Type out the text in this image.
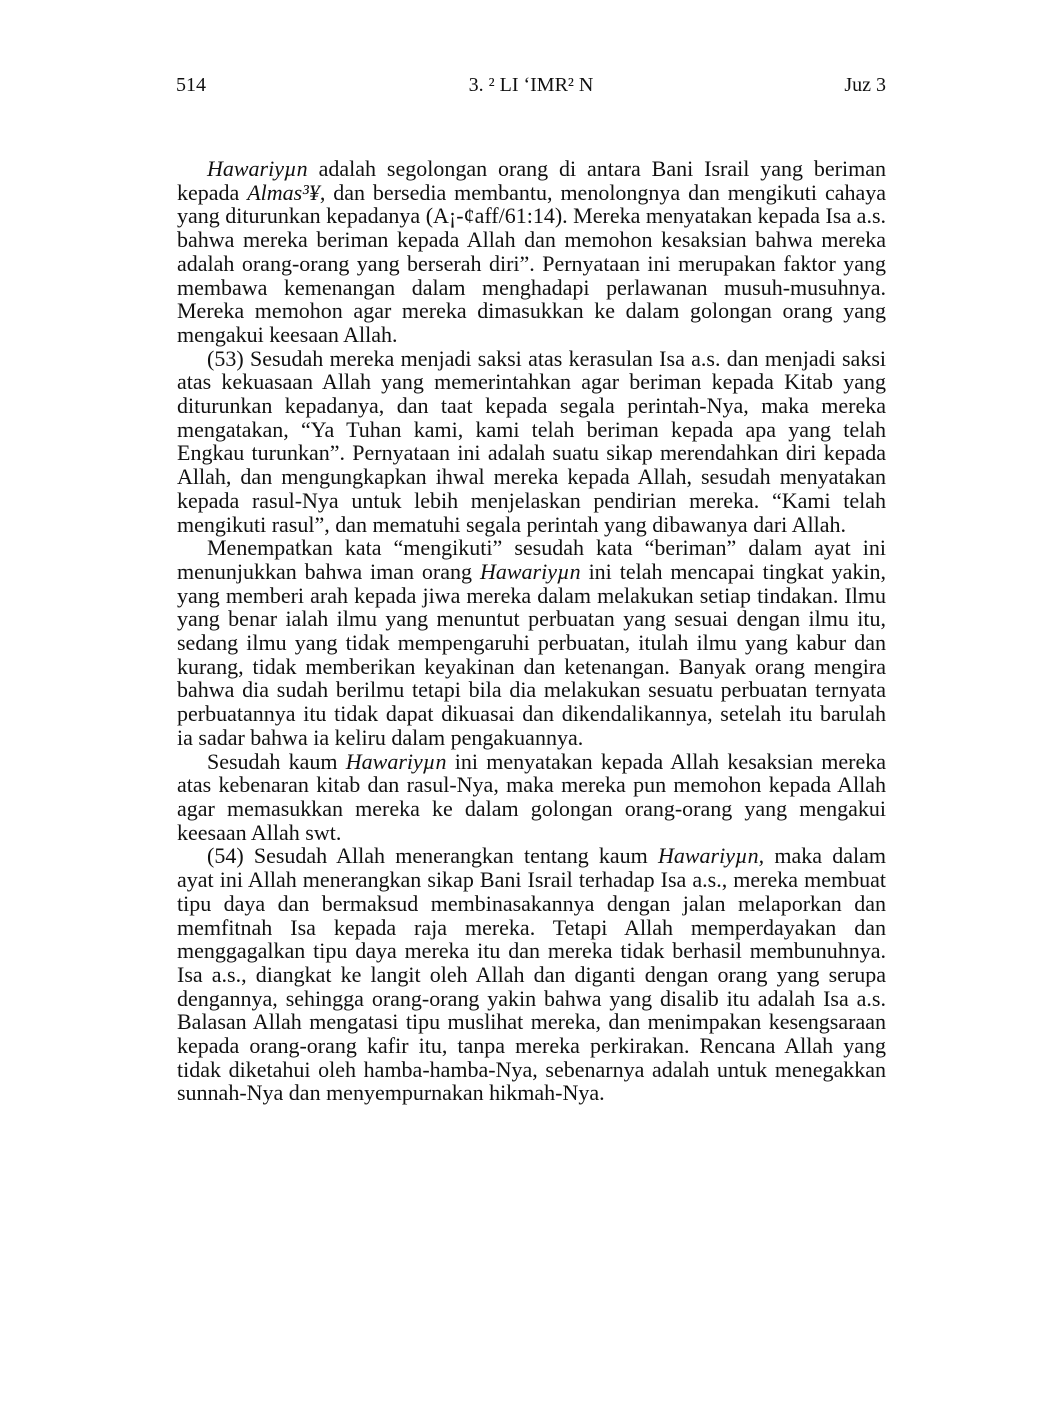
514	3. ² LI ‘IMR² N	Juz 3

Hawariyµn adalah segolongan orang di antara Bani Israil yang beriman kepada Almas³¥, dan bersedia membantu, menolongnya dan mengikuti cahaya yang diturunkan kepadanya (A¡-¢aff/61:14). Mereka menyatakan kepada Isa a.s. bahwa mereka beriman kepada Allah dan memohon kesaksian bahwa mereka adalah orang-orang yang berserah diri”. Pernyataan ini merupakan faktor yang membawa kemenangan dalam menghadapi perlawanan musuh-musuhnya. Mereka memohon agar mereka dimasukkan ke dalam golongan orang yang mengakui keesaan Allah.

(53) Sesudah mereka menjadi saksi atas kerasulan Isa a.s. dan menjadi saksi atas kekuasaan Allah yang memerintahkan agar beriman kepada Kitab yang diturunkan kepadanya, dan taat kepada segala perintah-Nya, maka mereka mengatakan, “Ya Tuhan kami, kami telah beriman kepada apa yang telah Engkau turunkan”. Pernyataan ini adalah suatu sikap merendahkan diri kepada Allah, dan mengungkapkan ihwal mereka kepada Allah, sesudah menyatakan kepada rasul-Nya untuk lebih menjelaskan pendirian mereka. “Kami telah mengikuti rasul”, dan mematuhi segala perintah yang dibawanya dari Allah.

Menempatkan kata “mengikuti” sesudah kata “beriman” dalam ayat ini menunjukkan bahwa iman orang Hawariyµn ini telah mencapai tingkat yakin, yang memberi arah kepada jiwa mereka dalam melakukan setiap tindakan. Ilmu yang benar ialah ilmu yang menuntut perbuatan yang sesuai dengan ilmu itu, sedang ilmu yang tidak mempengaruhi perbuatan, itulah ilmu yang kabur dan kurang, tidak memberikan keyakinan dan ketenangan. Banyak orang mengira bahwa dia sudah berilmu tetapi bila dia melakukan sesuatu perbuatan ternyata perbuatannya itu tidak dapat dikuasai dan dikendalikannya, setelah itu barulah ia sadar bahwa ia keliru dalam pengakuannya.

Sesudah kaum Hawariyµn ini menyatakan kepada Allah kesaksian mereka atas kebenaran kitab dan rasul-Nya, maka mereka pun memohon kepada Allah agar memasukkan mereka ke dalam golongan orang-orang yang mengakui keesaan Allah swt.

(54) Sesudah Allah menerangkan tentang kaum Hawariyµn, maka dalam ayat ini Allah menerangkan sikap Bani Israil terhadap Isa a.s., mereka membuat tipu daya dan bermaksud membinasakannya dengan jalan melaporkan dan memfitnah Isa kepada raja mereka. Tetapi Allah memperdayakan dan menggagalkan tipu daya mereka itu dan mereka tidak berhasil membunuhnya. Isa a.s., diangkat ke langit oleh Allah dan diganti dengan orang yang serupa dengannya, sehingga orang-orang yakin bahwa yang disalib itu adalah Isa a.s. Balasan Allah mengatasi tipu muslihat mereka, dan menimpakan kesengsaraan kepada orang-orang kafir itu, tanpa mereka perkirakan. Rencana Allah yang tidak diketahui oleh hamba-hamba-Nya, sebenarnya adalah untuk menegakkan sunnah-Nya dan menyempurnakan hikmah-Nya.
